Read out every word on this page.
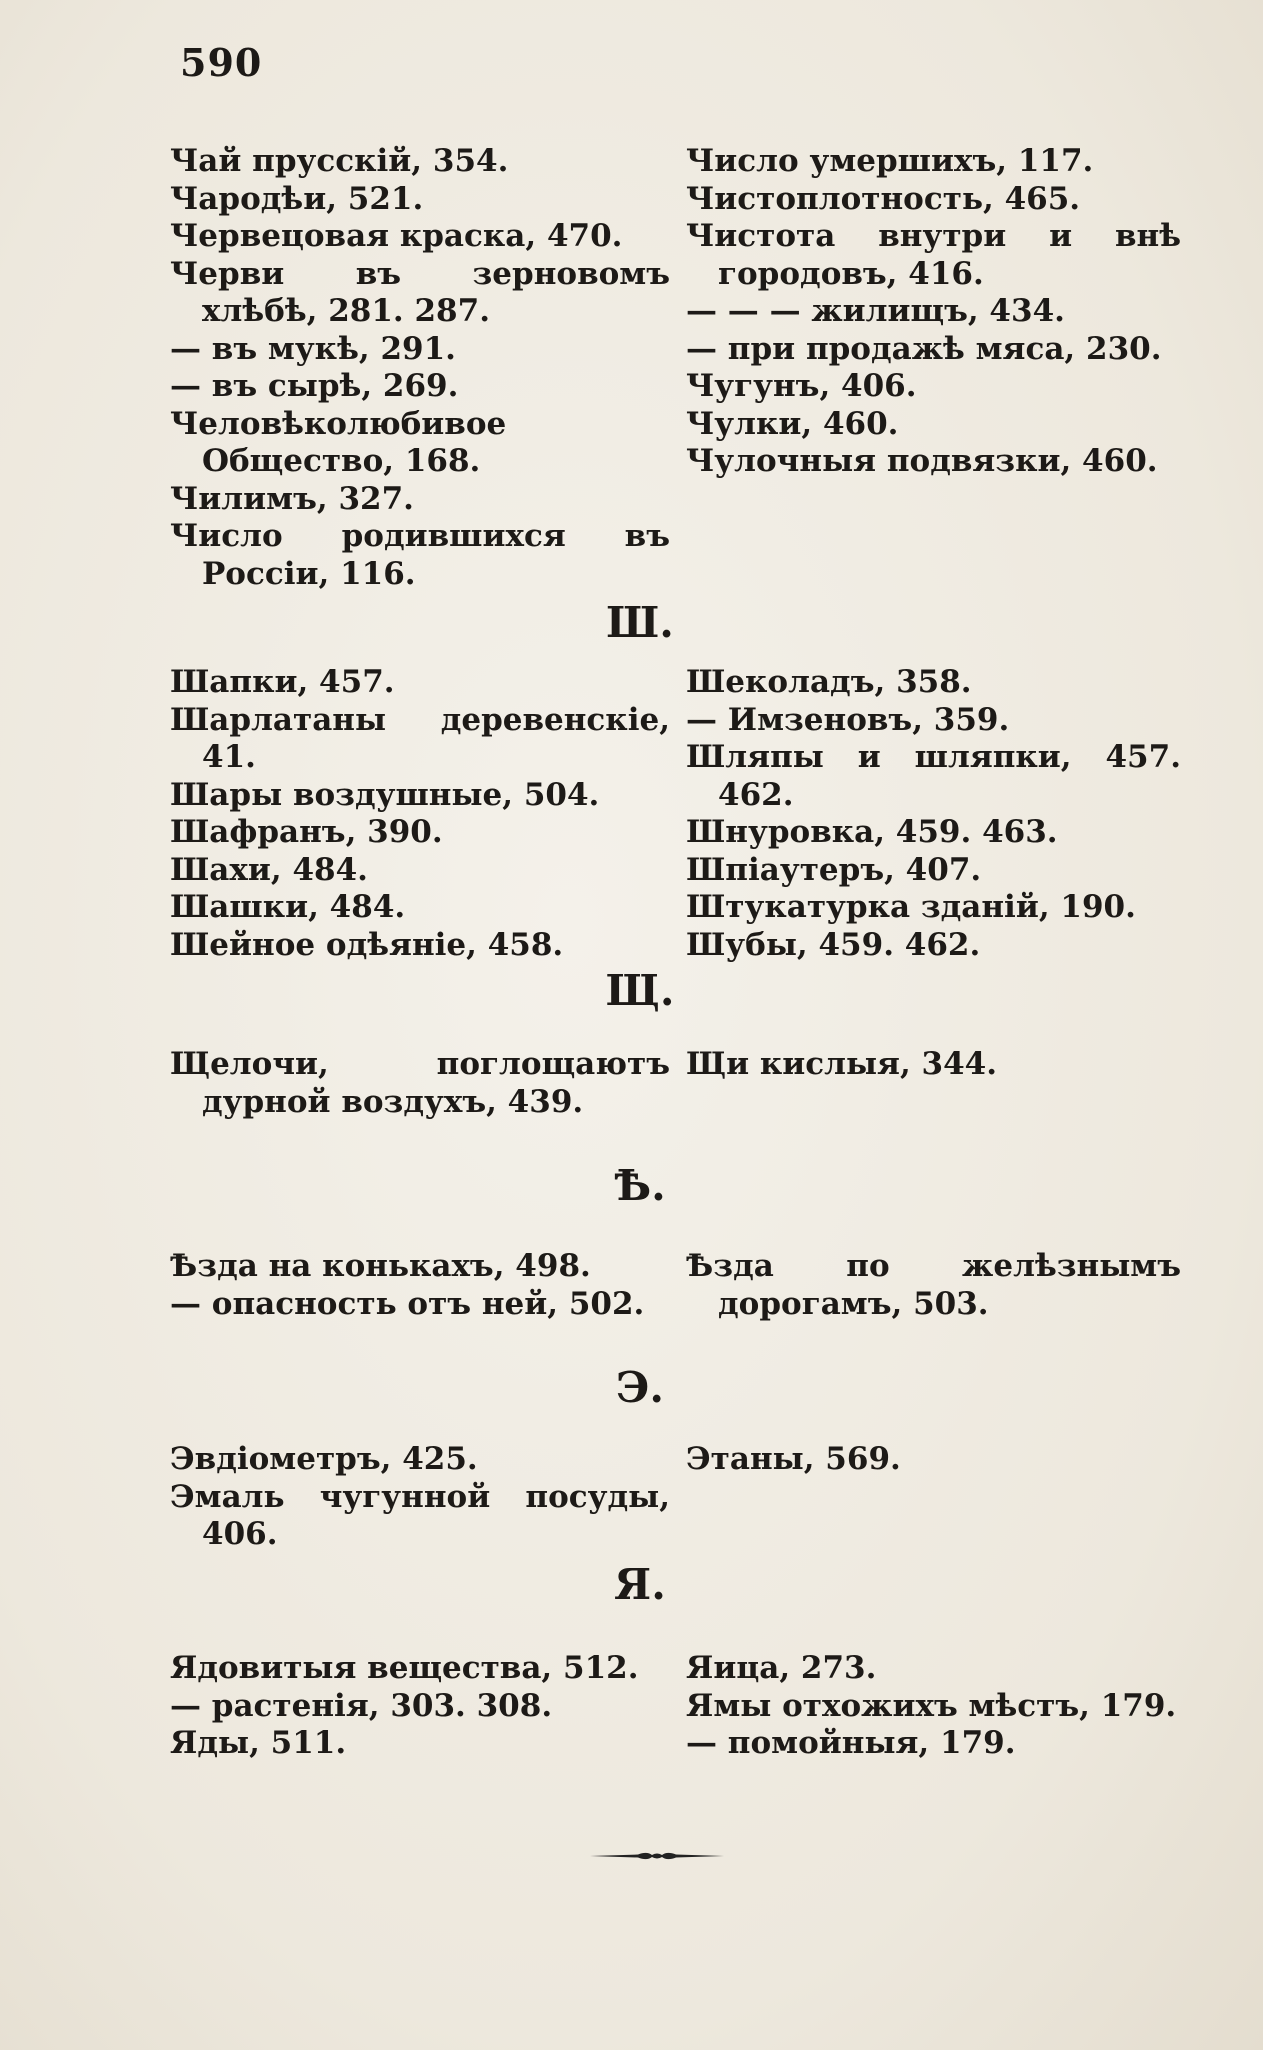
590

Чай прусскій, 354.

Чародѣи, 521.

Червецовая краска, 470.

Черви въ зерновомъ хлѣбѣ, 281. 287.

— въ мукѣ, 291.

— въ сырѣ, 269.

Человѣколюбивое Общество, 168.

Чилимъ, 327.

Число родившихся въ Россіи, 116.

Число умершихъ, 117.

Чистоплотность, 465.

Чистота внутри и внѣ городовъ, 416.

— — — жилищъ, 434.

— при продажѣ мяса, 230.

Чугунъ, 406.

Чулки, 460.

Чулочныя подвязки, 460.

Ш.

Шапки, 457.

Шарлатаны деревенскіе, 41.

Шары воздушные, 504.

Шафранъ, 390.

Шахи, 484.

Шашки, 484.

Шейное одѣяніе, 458.

Шеколадъ, 358.

— Имзеновъ, 359.

Шляпы и шляпки, 457. 462.

Шнуровка, 459. 463.

Шпіаутеръ, 407.

Штукатурка зданій, 190.

Шубы, 459. 462.

Щ.

Щелочи, поглощаютъ дурной воздухъ, 439.

Щи кислыя, 344.

Ѣ.

Ѣзда на конькахъ, 498.

— опасность отъ ней, 502.

Ѣзда по желѣзнымъ дорогамъ, 503.

Э.

Эвдіометръ, 425.

Эмаль чугунной посуды, 406.

Этаны, 569.

Я.

Ядовитыя вещества, 512.

— растенія, 303. 308.

Яды, 511.

Яица, 273.

Ямы отхожихъ мѣстъ, 179.

— помойныя, 179.
